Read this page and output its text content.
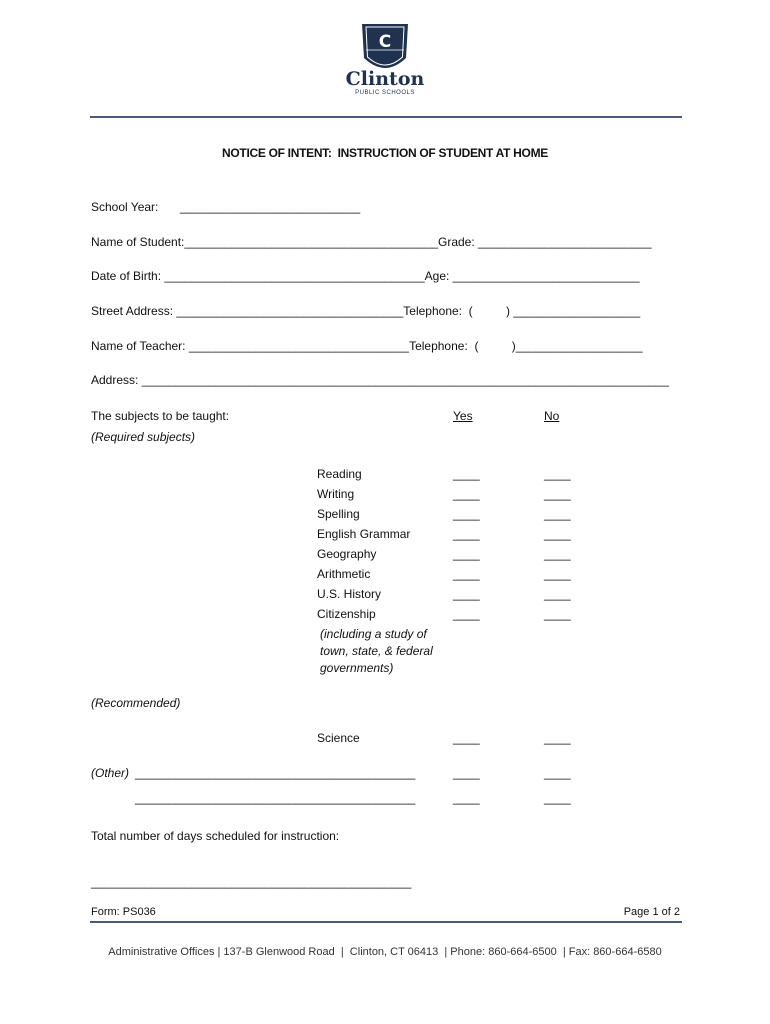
C
Clinton
PUBLIC SCHOOLS
NOTICE OF INTENT:  INSTRUCTION OF STUDENT AT HOME
School Year: ___________________________
Name of Student:______________________________________Grade: __________________________
Date of Birth: _______________________________________Age: ____________________________
Street Address: __________________________________Telephone:  (          ) ___________________
Name of Teacher: _________________________________Telephone:  (          )___________________
Address: _______________________________________________________________________________
The subjects to be taught:	Yes	No
(Required subjects)
Reading	____	____
Writing	____	____
Spelling	____	____
English Grammar	____	____
Geography	____	____
Arithmetic	____	____
U.S. History	____	____
Citizenship	____	____
(including a study of
town, state, & federal
governments)
(Recommended)
Science	____	____
(Other) __________________________________________	____	____
__________________________________________	____	____
Total number of days scheduled for instruction:
________________________________________________
Form: PS036	Page 1 of 2
Administrative Offices | 137-B Glenwood Road  |  Clinton, CT 06413  | Phone: 860-664-6500  | Fax: 860-664-6580
